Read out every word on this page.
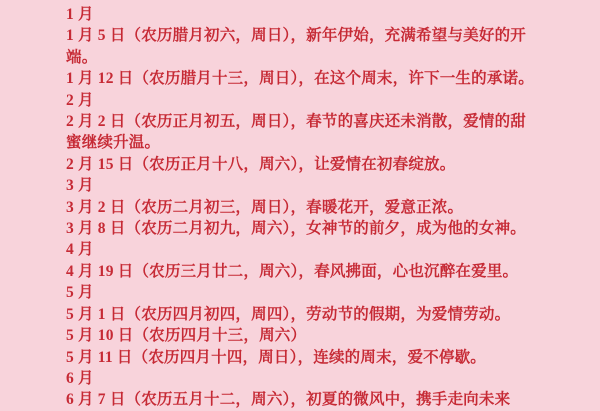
1 月
1 月 5 日（农历腊月初六，周日），新年伊始，充满希望与美好的开
端。
1 月 12 日（农历腊月十三，周日），在这个周末，许下一生的承诺。
2 月
2 月 2 日（农历正月初五，周日），春节的喜庆还未消散，爱情的甜
蜜继续升温。
2 月 15 日（农历正月十八，周六），让爱情在初春绽放。
3 月
3 月 2 日（农历二月初三，周日），春暖花开，爱意正浓。
3 月 8 日（农历二月初九，周六），女神节的前夕，成为他的女神。
4 月
4 月 19 日（农历三月廿二，周六），春风拂面，心也沉醉在爱里。
5 月
5 月 1 日（农历四月初四，周四），劳动节的假期，为爱情劳动。
5 月 10 日（农历四月十三，周六）
5 月 11 日（农历四月十四，周日），连续的周末，爱不停歇。
6 月
6 月 7 日（农历五月十二，周六），初夏的微风中，携手走向未来
